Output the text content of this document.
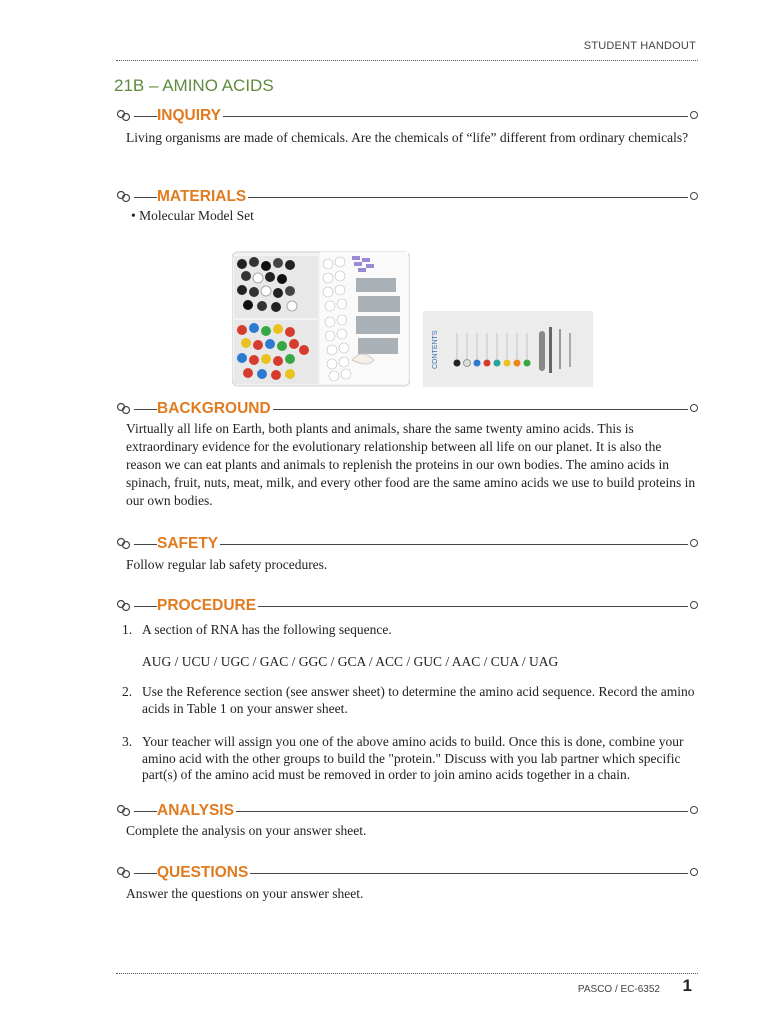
STUDENT HANDOUT
21B – AMINO ACIDS
INQUIRY
Living organisms are made of chemicals. Are the chemicals of “life” different from ordinary chemicals?
MATERIALS
• Molecular Model Set
CONTENTS
BACKGROUND
Virtually all life on Earth, both plants and animals, share the same twenty amino acids. This is extraordinary evidence for the evolutionary relationship between all life on our planet. It is also the reason we can eat plants and animals to replenish the proteins in our own bodies. The amino acids in spinach, fruit, nuts, meat, milk, and every other food are the same amino acids we use to build proteins in our own bodies.
SAFETY
Follow regular lab safety procedures.
PROCEDURE
1. A section of RNA has the following sequence.
2. Use the Reference section (see answer sheet) to determine the amino acid sequence. Record the amino acids in Table 1 on your answer sheet.
3. Your teacher will assign you one of the above amino acids to build. Once this is done, combine your amino acid with the other groups to build the "protein." Discuss with you lab partner which specific part(s) of the amino acid must be removed in order to join amino acids together in a chain.
AUG / UCU / UGC / GAC / GGC / GCA / ACC / GUC / AAC / CUA / UAG
ANALYSIS
Complete the analysis on your answer sheet.
QUESTIONS
Answer the questions on your answer sheet.
PASCO / EC-6352 1
